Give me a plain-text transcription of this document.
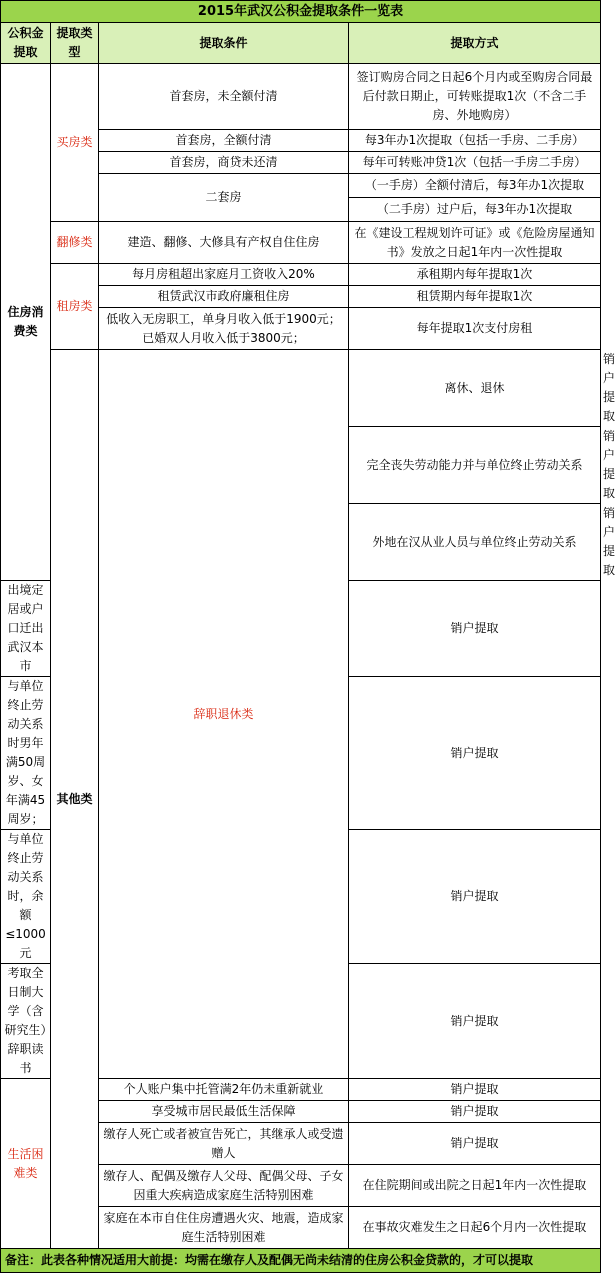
2015年武汉公积金提取条件一览表				
公积金提取	提取类型	提取条件	提取方式	
住房消费类	买房类	首套房，未全额付清	签订购房合同之日起6个月内或至购房合同最后付款日期止，可转账提取1次（不含二手房、外地购房）	
		首套房，全额付清	每3年办1次提取（包括一手房、二手房）	
		首套房，商贷未还清	每年可转账冲贷1次（包括一手房二手房）	
		二套房	（一手房）全额付清后，每3年办1次提取	
			（二手房）过户后，每3年办1次提取	
	翻修类	建造、翻修、大修具有产权自住住房	在《建设工程规划许可证》或《危险房屋通知书》发放之日起1年内一次性提取	
	租房类	每月房租超出家庭月工资收入20%	承租期内每年提取1次	
		租赁武汉市政府廉租住房	租赁期内每年提取1次	
		低收入无房职工，单身月收入低于1900元；已婚双人月收入低于3800元；	每年提取1次支付房租	
	其他类	辞职退休类	离休、退休	销户提取
			完全丧失劳动能力并与单位终止劳动关系	销户提取
			外地在汉从业人员与单位终止劳动关系	销户提取
出境定居或户口迁出武汉本市			销户提取	
与单位终止劳动关系时男年满50周岁、女年满45周岁；			销户提取	
与单位终止劳动关系时，余额≤1000元			销户提取	
考取全日制大学（含研究生）辞职读书			销户提取	
生活困难类		个人账户集中托管满2年仍未重新就业	销户提取	
		享受城市居民最低生活保障	销户提取	
		缴存人死亡或者被宣告死亡，其继承人或受遗赠人	销户提取	
		缴存人、配偶及缴存人父母、配偶父母、子女因重大疾病造成家庭生活特别困难	在住院期间或出院之日起1年内一次性提取	
		家庭在本市自住住房遭遇火灾、地震，造成家庭生活特别困难	在事故灾难发生之日起6个月内一次性提取	
备注：此表各种情况适用大前提：均需在缴存人及配偶无尚未结清的住房公积金贷款的，才可以提取				
